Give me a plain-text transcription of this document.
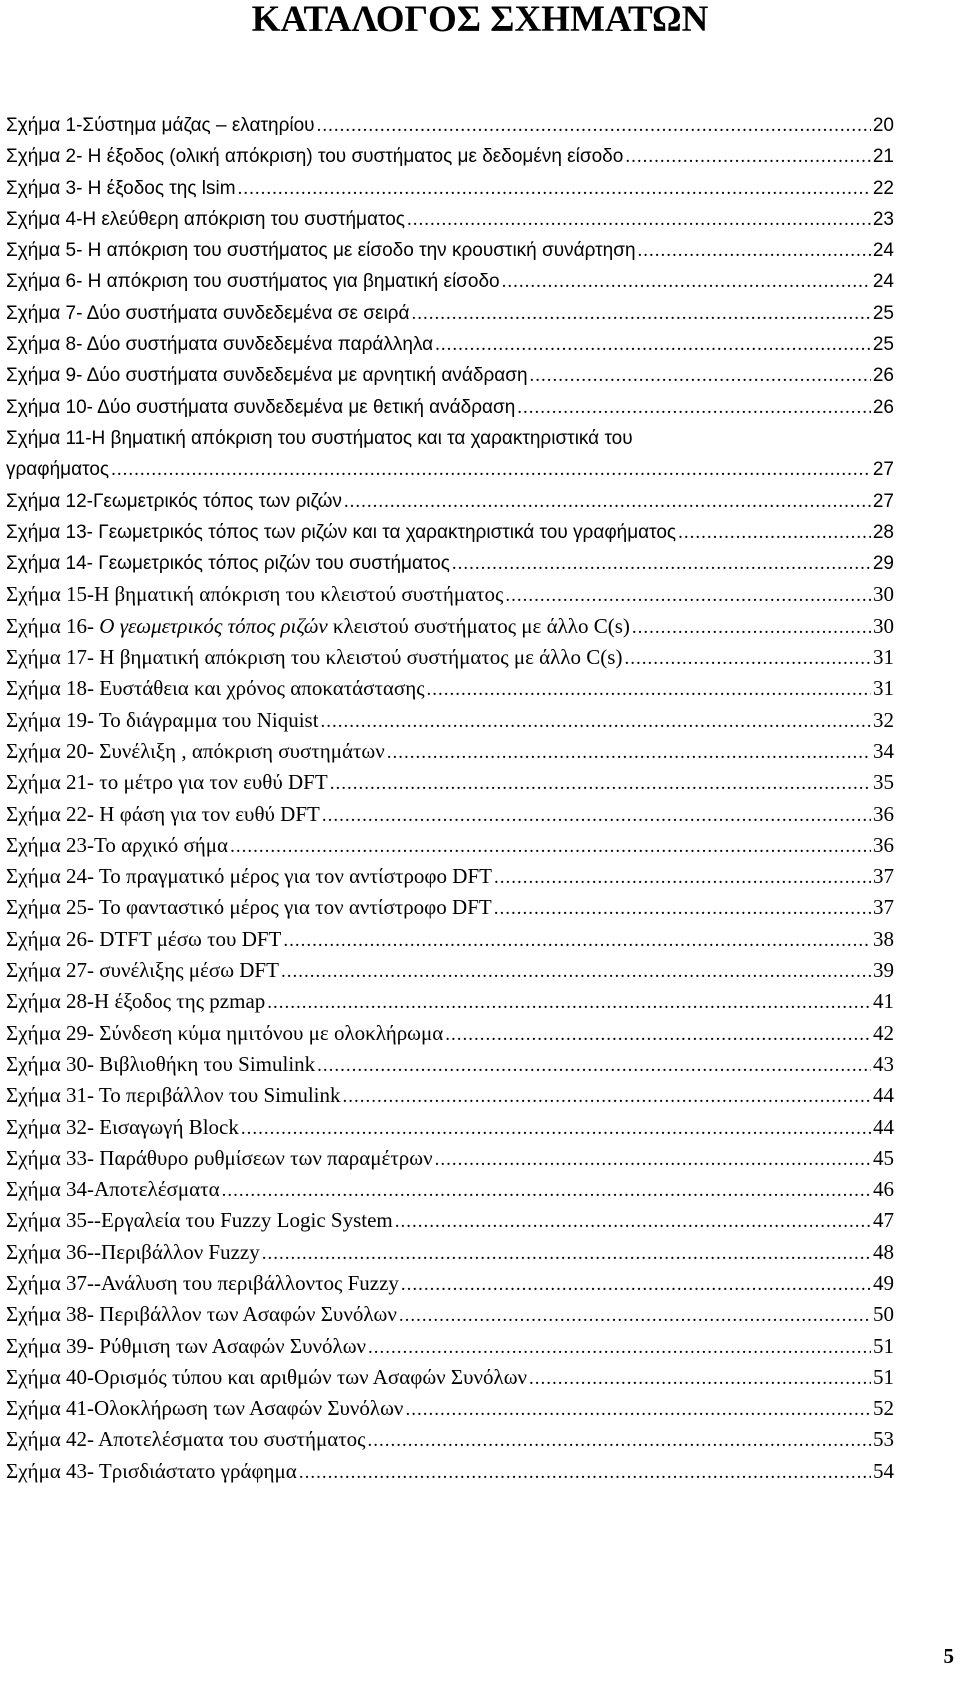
ΚΑΤΑΛΟΓΟΣ ΣΧΗΜΑΤΩΝ
Σχήμα 1-Σύστημα μάζας – ελατηρίου .....	20
Σχήμα 2- Η έξοδος (ολική απόκριση) του συστήματος με δεδομένη είσοδο .....	21
Σχήμα 3- Η έξοδος της lsim .....	22
Σχήμα 4-Η ελεύθερη απόκριση του συστήματος .....	23
Σχήμα 5- Η απόκριση του συστήματος με είσοδο την κρουστική συνάρτηση .....	24
Σχήμα 6- Η απόκριση του συστήματος για βηματική είσοδο .....	24
Σχήμα 7- Δύο συστήματα συνδεδεμένα σε σειρά .....	25
Σχήμα 8- Δύο συστήματα συνδεδεμένα παράλληλα .....	25
Σχήμα 9- Δύο συστήματα συνδεδεμένα με αρνητική ανάδραση .....	26
Σχήμα 10- Δύο συστήματα συνδεδεμένα με θετική ανάδραση .....	26
Σχήμα 11-Η βηματική απόκριση του συστήματος και τα χαρακτηριστικά του
γραφήματος .....	27
Σχήμα 12-Γεωμετρικός τόπος των ριζών .....	27
Σχήμα 13- Γεωμετρικός τόπος των ριζών και τα χαρακτηριστικά του γραφήματος .....	28
Σχήμα 14- Γεωμετρικός τόπος ριζών του συστήματος .....	29
Σχήμα 15-Η βηματική απόκριση του κλειστού συστήματος .....	30
Σχήμα 16- Ο γεωμετρικός τόπος ριζών κλειστού συστήματος με άλλο C(s) .....	30
Σχήμα 17- Η βηματική απόκριση του κλειστού συστήματος με άλλο C(s) .....	31
Σχήμα 18- Ευστάθεια και χρόνος αποκατάστασης .....	31
Σχήμα 19- Το διάγραμμα του Niquist .....	32
Σχήμα 20- Συνέλιξη , απόκριση συστημάτων .....	34
Σχήμα 21- το μέτρο για τον ευθύ DFT .....	35
Σχήμα 22- Η φάση για τον ευθύ DFT .....	36
Σχήμα 23-Το αρχικό σήμα .....	36
Σχήμα 24- Το πραγματικό μέρος για τον αντίστροφο DFT .....	37
Σχήμα 25- Το φανταστικό μέρος για τον αντίστροφο DFT .....	37
Σχήμα 26- DTFT μέσω του DFT .....	38
Σχήμα 27- συνέλιξης μέσω DFT .....	39
Σχήμα 28-Η έξοδος της pzmap .....	41
Σχήμα 29- Σύνδεση κύμα ημιτόνου με ολοκλήρωμα .....	42
Σχήμα 30- Βιβλιοθήκη του Simulink .....	43
Σχήμα 31- Το περιβάλλον του Simulink .....	44
Σχήμα 32- Εισαγωγή Block .....	44
Σχήμα 33- Παράθυρο ρυθμίσεων των παραμέτρων .....	45
Σχήμα 34-Αποτελέσματα .....	46
Σχήμα 35--Εργαλεία του Fuzzy Logic System .....	47
Σχήμα 36--Περιβάλλον Fuzzy .....	48
Σχήμα 37--Ανάλυση του περιβάλλοντος Fuzzy .....	49
Σχήμα 38- Περιβάλλον των Ασαφών Συνόλων .....	50
Σχήμα 39- Ρύθμιση των Ασαφών Συνόλων .....	51
Σχήμα 40-Ορισμός τύπου και αριθμών των Ασαφών Συνόλων .....	51
Σχήμα 41-Ολοκλήρωση των Ασαφών Συνόλων .....	52
Σχήμα 42- Αποτελέσματα του συστήματος .....	53
Σχήμα 43- Τρισδιάστατο γράφημα .....	54
5
